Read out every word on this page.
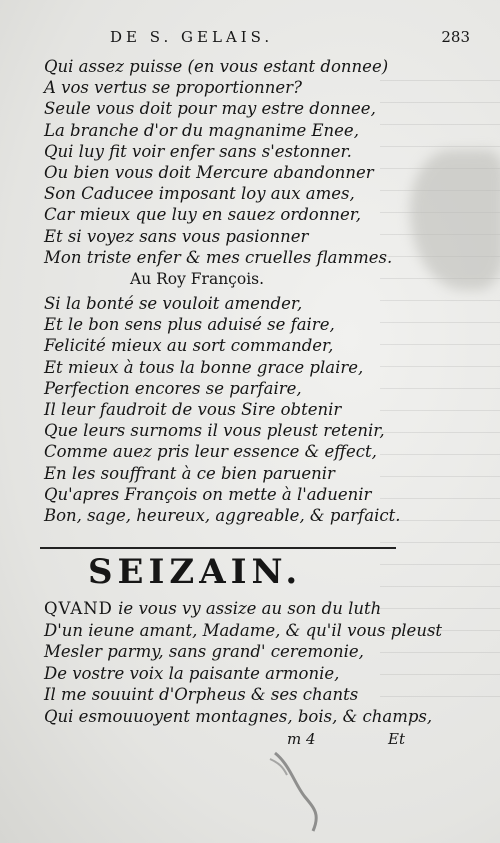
DE S. GELAIS.	283
Qui assez puisse (en vous estant donnee)
A vos vertus se proportionner?
Seule vous doit pour may estre donnee,
La branche d'or du magnanime Enee,
Qui luy fit voir enfer sans s'estonner.
Ou bien vous doit Mercure abandonner
Son Caducee imposant loy aux ames,
Car mieux que luy en sauez ordonner,
Et si voyez sans vous pasionner
Mon triste enfer & mes cruelles flammes.
Au Roy François.
Si la bonté se vouloit amender,
Et le bon sens plus aduisé se faire,
Felicité mieux au sort commander,
Et mieux à tous la bonne grace plaire,
Perfection encores se parfaire,
Il leur faudroit de vous Sire obtenir
Que leurs surnoms il vous pleust retenir,
Comme auez pris leur essence & effect,
En les souffrant à ce bien paruenir
Qu'apres François on mette à l'aduenir
Bon, sage, heureux, aggreable, & parfaict.
SEIZAIN.
QVAND ie vous vy assize au son du luth
D'un ieune amant, Madame, & qu'il vous pleust
Mesler parmy, sans grand' ceremonie,
De vostre voix la paisante armonie,
Il me souuint d'Orpheus & ses chants
Qui esmouuoyent montagnes, bois, & champs,
m 4	Et
